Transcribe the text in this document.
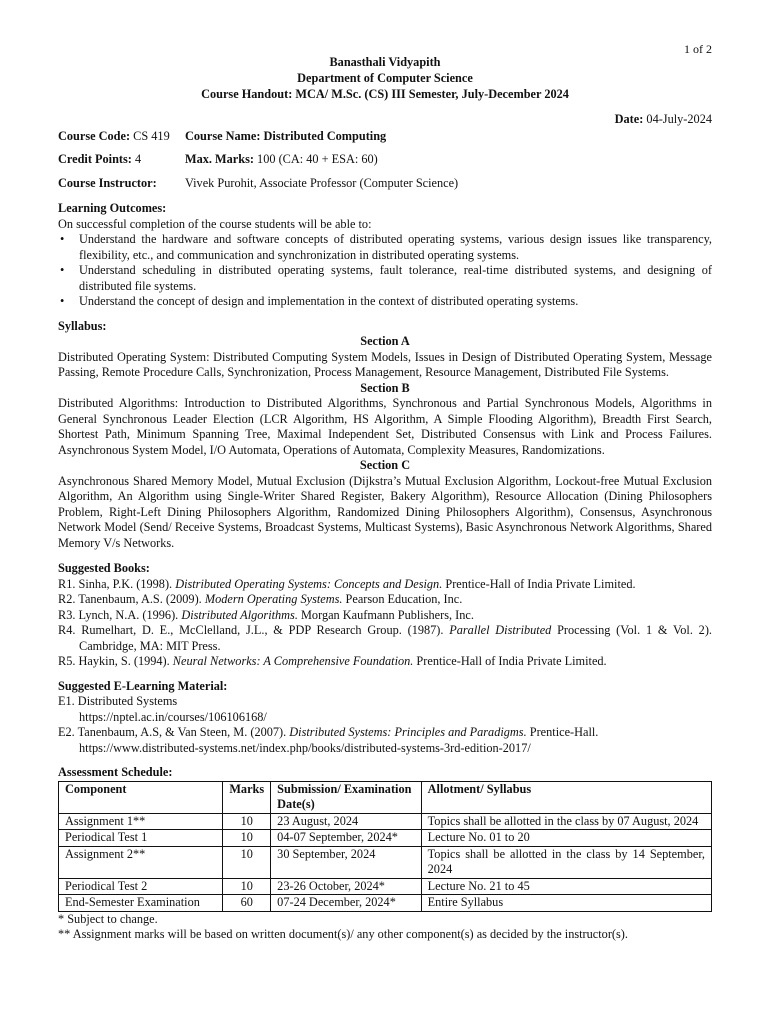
1 of 2
Banasthali Vidyapith
Department of Computer Science
Course Handout: MCA/ M.Sc. (CS) III Semester, July-December 2024
Date: 04-July-2024
Course Code: CS 419	Course Name: Distributed Computing
Credit Points: 4	Max. Marks: 100 (CA: 40 + ESA: 60)
Course Instructor:	Vivek Purohit, Associate Professor (Computer Science)
Learning Outcomes:
On successful completion of the course students will be able to:
• Understand the hardware and software concepts of distributed operating systems, various design issues like transparency, flexibility, etc., and communication and synchronization in distributed operating systems.
• Understand scheduling in distributed operating systems, fault tolerance, real-time distributed systems, and designing of distributed file systems.
• Understand the concept of design and implementation in the context of distributed operating systems.
Syllabus:
Section A
Distributed Operating System: Distributed Computing System Models, Issues in Design of Distributed Operating System, Message Passing, Remote Procedure Calls, Synchronization, Process Management, Resource Management, Distributed File Systems.
Section B
Distributed Algorithms: Introduction to Distributed Algorithms, Synchronous and Partial Synchronous Models, Algorithms in General Synchronous Leader Election (LCR Algorithm, HS Algorithm, A Simple Flooding Algorithm), Breadth First Search, Shortest Path, Minimum Spanning Tree, Maximal Independent Set, Distributed Consensus with Link and Process Failures. Asynchronous System Model, I/O Automata, Operations of Automata, Complexity Measures, Randomizations.
Section C
Asynchronous Shared Memory Model, Mutual Exclusion (Dijkstra’s Mutual Exclusion Algorithm, Lockout-free Mutual Exclusion Algorithm, An Algorithm using Single-Writer Shared Register, Bakery Algorithm), Resource Allocation (Dining Philosophers Problem, Right-Left Dining Philosophers Algorithm, Randomized Dining Philosophers Algorithm), Consensus, Asynchronous Network Model (Send/ Receive Systems, Broadcast Systems, Multicast Systems), Basic Asynchronous Network Algorithms, Shared Memory V/s Networks.
Suggested Books:
R1. Sinha, P.K. (1998). Distributed Operating Systems: Concepts and Design. Prentice-Hall of India Private Limited.
R2. Tanenbaum, A.S. (2009). Modern Operating Systems. Pearson Education, Inc.
R3. Lynch, N.A. (1996). Distributed Algorithms. Morgan Kaufmann Publishers, Inc.
R4. Rumelhart, D. E., McClelland, J.L., & PDP Research Group. (1987). Parallel Distributed Processing (Vol. 1 & Vol. 2). Cambridge, MA: MIT Press.
R5. Haykin, S. (1994). Neural Networks: A Comprehensive Foundation. Prentice-Hall of India Private Limited.
Suggested E-Learning Material:
E1. Distributed Systems
https://nptel.ac.in/courses/106106168/
E2. Tanenbaum, A.S, & Van Steen, M. (2007). Distributed Systems: Principles and Paradigms. Prentice-Hall.
https://www.distributed-systems.net/index.php/books/distributed-systems-3rd-edition-2017/
Assessment Schedule:
Component	Marks	Submission/ Examination Date(s)	Allotment/ Syllabus
Assignment 1**	10	23 August, 2024	Topics shall be allotted in the class by 07 August, 2024
Periodical Test 1	10	04-07 September, 2024*	Lecture No. 01 to 20
Assignment 2**	10	30 September, 2024	Topics shall be allotted in the class by 14 September, 2024
Periodical Test 2	10	23-26 October, 2024*	Lecture No. 21 to 45
End-Semester Examination	60	07-24 December, 2024*	Entire Syllabus
* Subject to change.
** Assignment marks will be based on written document(s)/ any other component(s) as decided by the instructor(s).
